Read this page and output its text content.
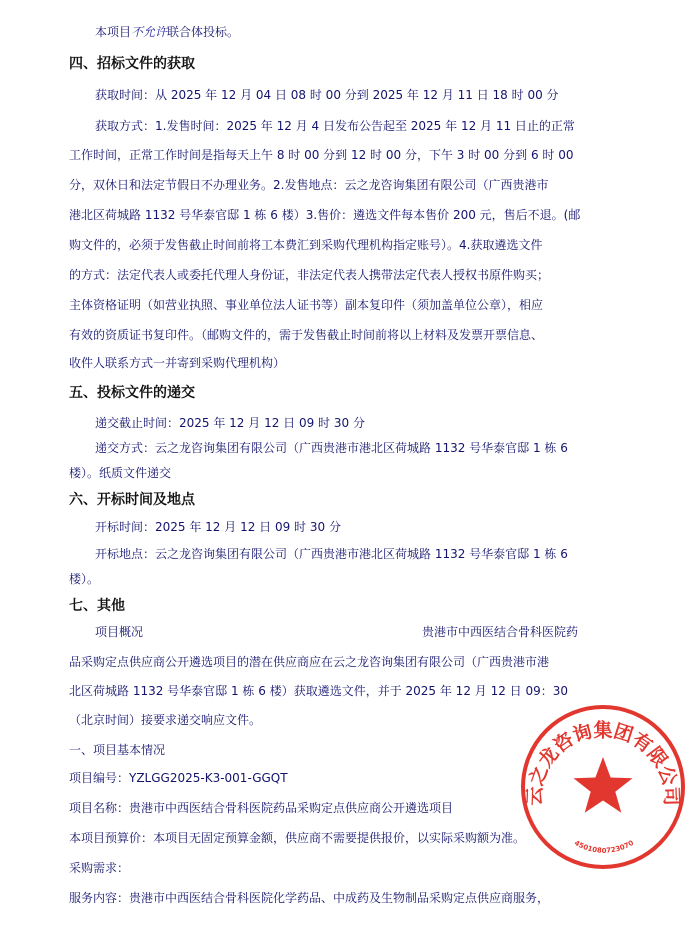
本项目不允许联合体投标。
四、招标文件的获取
获取时间：从 2025 年 12 月 04 日 08 时 00 分到 2025 年 12 月 11 日 18 时 00 分
获取方式：1.发售时间：2025 年 12 月 4 日发布公告起至 2025 年 12 月 11 日止的正常
工作时间，正常工作时间是指每天上午 8 时 00 分到 12 时 00 分，下午 3 时 00 分到 6 时 00
分，双休日和法定节假日不办理业务。2.发售地点：云之龙咨询集团有限公司（广西贵港市
港北区荷城路 1132 号华泰官邸 1 栋 6 楼）3.售价：遴选文件每本售价 200 元，售后不退。(邮
购文件的，必须于发售截止时间前将工本费汇到采购代理机构指定账号）。4.获取遴选文件
的方式：法定代表人或委托代理人身份证，非法定代表人携带法定代表人授权书原件购买；
主体资格证明（如营业执照、事业单位法人证书等）副本复印件（须加盖单位公章），相应
有效的资质证书复印件。（邮购文件的，需于发售截止时间前将以上材料及发票开票信息、
收件人联系方式一并寄到采购代理机构）
五、投标文件的递交
递交截止时间：2025 年 12 月 12 日 09 时 30 分
递交方式：云之龙咨询集团有限公司（广西贵港市港北区荷城路 1132 号华泰官邸 1 栋 6
楼）。纸质文件递交
六、开标时间及地点
开标时间：2025 年 12 月 12 日 09 时 30 分
开标地点：云之龙咨询集团有限公司（广西贵港市港北区荷城路 1132 号华泰官邸 1 栋 6
楼）。
七、其他
项目概况	贵港市中西医结合骨科医院药
品采购定点供应商公开遴选项目的潜在供应商应在云之龙咨询集团有限公司（广西贵港市港
北区荷城路 1132 号华泰官邸 1 栋 6 楼）获取遴选文件，并于 2025 年 12 月 12 日 09：30
（北京时间）接要求递交响应文件。
一、项目基本情况
项目编号：YZLGG2025-K3-001-GGQT
项目名称：贵港市中西医结合骨科医院药品采购定点供应商公开遴选项目
本项目预算价：本项目无固定预算金额，供应商不需要提供报价，以实际采购额为准。
采购需求：
服务内容：贵港市中西医结合骨科医院化学药品、中成药及生物制品采购定点供应商服务，
云之龙咨询集团有限公司
4501080723070
